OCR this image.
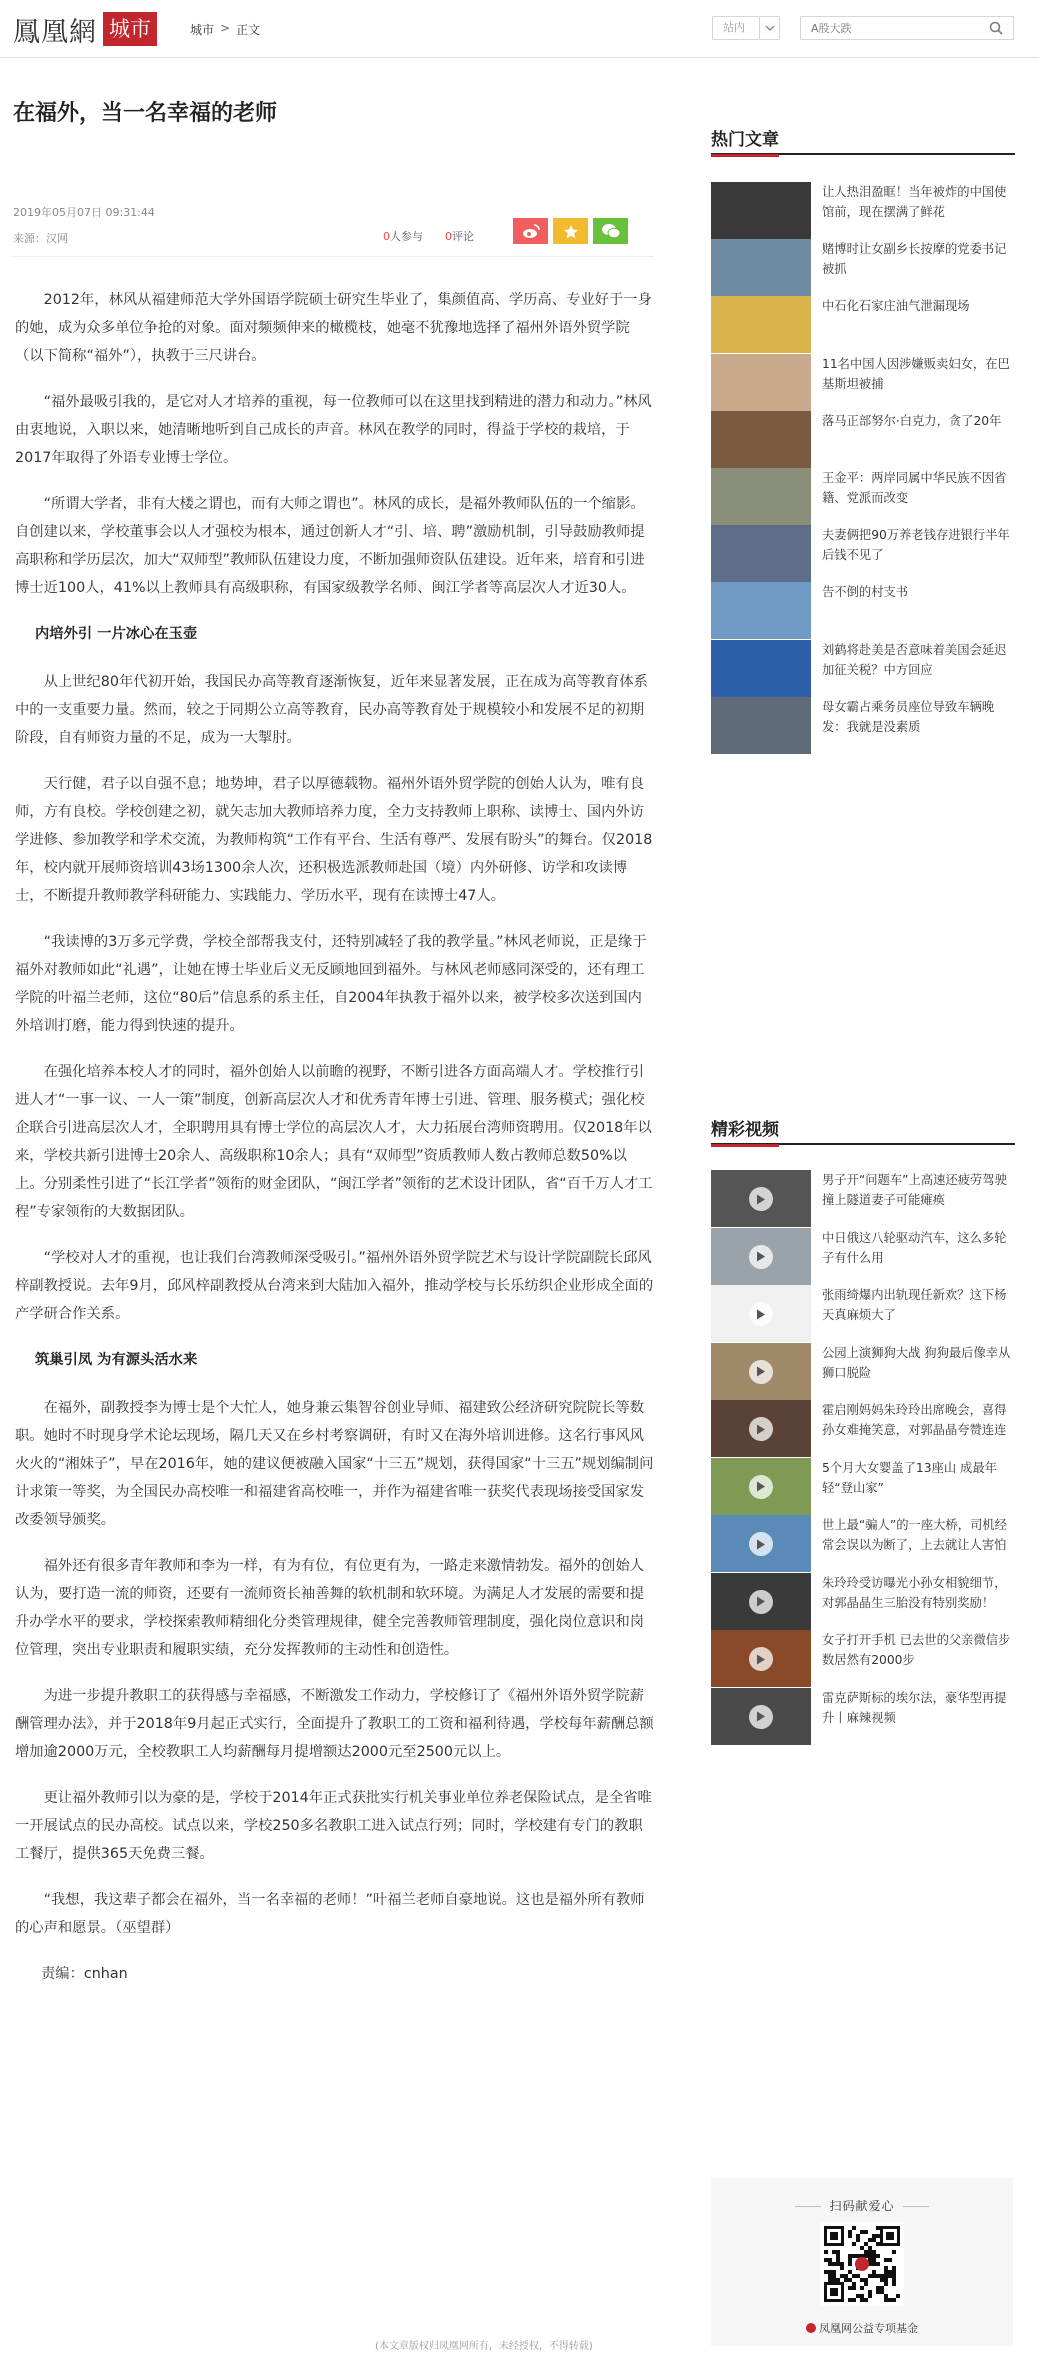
鳳凰網 城市	城市 > 正文	站内
A股大跌
在福外，当一名幸福的老师
2019年05月07日 09:31:44
来源：汉网	0人参与 0评论

2012年，林风从福建师范大学外国语学院硕士研究生毕业了，集颜值高、学历高、专业好于一身的她，成为众多单位争抢的对象。面对频频伸来的橄榄枝，她毫不犹豫地选择了福州外语外贸学院（以下简称“福外”），执教于三尺讲台。

“福外最吸引我的，是它对人才培养的重视，每一位教师可以在这里找到精进的潜力和动力。”林风由衷地说，入职以来，她清晰地听到自己成长的声音。林风在教学的同时，得益于学校的栽培，于2017年取得了外语专业博士学位。

“所谓大学者，非有大楼之谓也，而有大师之谓也”。林风的成长，是福外教师队伍的一个缩影。自创建以来，学校董事会以人才强校为根本，通过创新人才“引、培、聘”激励机制，引导鼓励教师提高职称和学历层次，加大“双师型”教师队伍建设力度，不断加强师资队伍建设。近年来，培育和引进博士近100人，41%以上教师具有高级职称，有国家级教学名师、闽江学者等高层次人才近30人。

内培外引 一片冰心在玉壶

从上世纪80年代初开始，我国民办高等教育逐渐恢复，近年来显著发展，正在成为高等教育体系中的一支重要力量。然而，较之于同期公立高等教育，民办高等教育处于规模较小和发展不足的初期阶段，自有师资力量的不足，成为一大掣肘。

天行健，君子以自强不息；地势坤，君子以厚德载物。福州外语外贸学院的创始人认为，唯有良师，方有良校。学校创建之初，就矢志加大教师培养力度，全力支持教师上职称、读博士、国内外访学进修、参加教学和学术交流，为教师构筑“工作有平台、生活有尊严、发展有盼头”的舞台。仅2018年，校内就开展师资培训43场1300余人次，还积极选派教师赴国（境）内外研修、访学和攻读博士，不断提升教师教学科研能力、实践能力、学历水平，现有在读博士47人。

“我读博的3万多元学费，学校全部帮我支付，还特别减轻了我的教学量。”林风老师说，正是缘于福外对教师如此“礼遇”，让她在博士毕业后义无反顾地回到福外。与林风老师感同深受的，还有理工学院的叶福兰老师，这位“80后”信息系的系主任，自2004年执教于福外以来，被学校多次送到国内外培训打磨，能力得到快速的提升。

在强化培养本校人才的同时，福外创始人以前瞻的视野，不断引进各方面高端人才。学校推行引进人才“一事一议、一人一策”制度，创新高层次人才和优秀青年博士引进、管理、服务模式；强化校企联合引进高层次人才，全职聘用具有博士学位的高层次人才，大力拓展台湾师资聘用。仅2018年以来，学校共新引进博士20余人、高级职称10余人；具有“双师型”资质教师人数占教师总数50%以上。分别柔性引进了“长江学者”领衔的财金团队，“闽江学者”领衔的艺术设计团队，省“百千万人才工程”专家领衔的大数据团队。

“学校对人才的重视，也让我们台湾教师深受吸引。”福州外语外贸学院艺术与设计学院副院长邱风梓副教授说。去年9月，邱风梓副教授从台湾来到大陆加入福外，推动学校与长乐纺织企业形成全面的产学研合作关系。

筑巢引凤 为有源头活水来

在福外，副教授李为博士是个大忙人，她身兼云集智谷创业导师、福建致公经济研究院院长等数职。她时不时现身学术论坛现场，隔几天又在乡村考察调研，有时又在海外培训进修。这名行事风风火火的“湘妹子”，早在2016年，她的建议便被融入国家“十三五”规划，获得国家“十三五”规划编制问计求策一等奖，为全国民办高校唯一和福建省高校唯一，并作为福建省唯一获奖代表现场接受国家发改委领导颁奖。

福外还有很多青年教师和李为一样，有为有位，有位更有为，一路走来激情勃发。福外的创始人认为，要打造一流的师资，还要有一流师资长袖善舞的软机制和软环境。为满足人才发展的需要和提升办学水平的要求，学校探索教师精细化分类管理规律，健全完善教师管理制度，强化岗位意识和岗位管理，突出专业职责和履职实绩，充分发挥教师的主动性和创造性。

为进一步提升教职工的获得感与幸福感，不断激发工作动力，学校修订了《福州外语外贸学院薪酬管理办法》，并于2018年9月起正式实行，全面提升了教职工的工资和福利待遇，学校每年薪酬总额增加逾2000万元，全校教职工人均薪酬每月提增额达2000元至2500元以上。

更让福外教师引以为豪的是，学校于2014年正式获批实行机关事业单位养老保险试点，是全省唯一开展试点的民办高校。试点以来，学校250多名教职工进入试点行列；同时，学校建有专门的教职工餐厅，提供365天免费三餐。

“我想，我这辈子都会在福外，当一名幸福的老师！”叶福兰老师自豪地说。这也是福外所有教师的心声和愿景。（巫望群）

责编：cnhan
(本文章版权归凤凰网所有，未经授权，不得转载)
热门文章
让人热泪盈眶！当年被炸的中国使馆前，现在摆满了鲜花
赌博时让女副乡长按摩的党委书记被抓
中石化石家庄油气泄漏现场
11名中国人因涉嫌贩卖妇女，在巴基斯坦被捕
落马正部努尔·白克力，贪了20年
王金平：两岸同属中华民族不因省籍、党派而改变
夫妻俩把90万养老钱存进银行半年后钱不见了
告不倒的村支书
刘鹤将赴美是否意味着美国会延迟加征关税？中方回应
母女霸占乘务员座位导致车辆晚发：我就是没素质
精彩视频
男子开“问题车”上高速还疲劳驾驶 撞上隧道妻子可能瘫痪
中日俄这八轮驱动汽车，这么多轮子有什么用
张雨绮爆内出轨现任新欢？这下杨天真麻烦大了
公园上演狮狗大战 狗狗最后像幸从狮口脱险
霍启刚妈妈朱玲玲出席晚会，喜得孙女难掩笑意，对郭晶晶夸赞连连
5个月大女婴盖了13座山 成最年轻“登山家”
世上最“骗人”的一座大桥，司机经常会误以为断了，上去就让人害怕
朱玲玲受访曝光小孙女相貌细节，对郭晶晶生三胎没有特别奖励！
女子打开手机 已去世的父亲微信步数居然有2000步
雷克萨斯标的埃尔法，豪华型再提升丨麻辣视频
扫码献爱心
凤凰网公益专项基金
